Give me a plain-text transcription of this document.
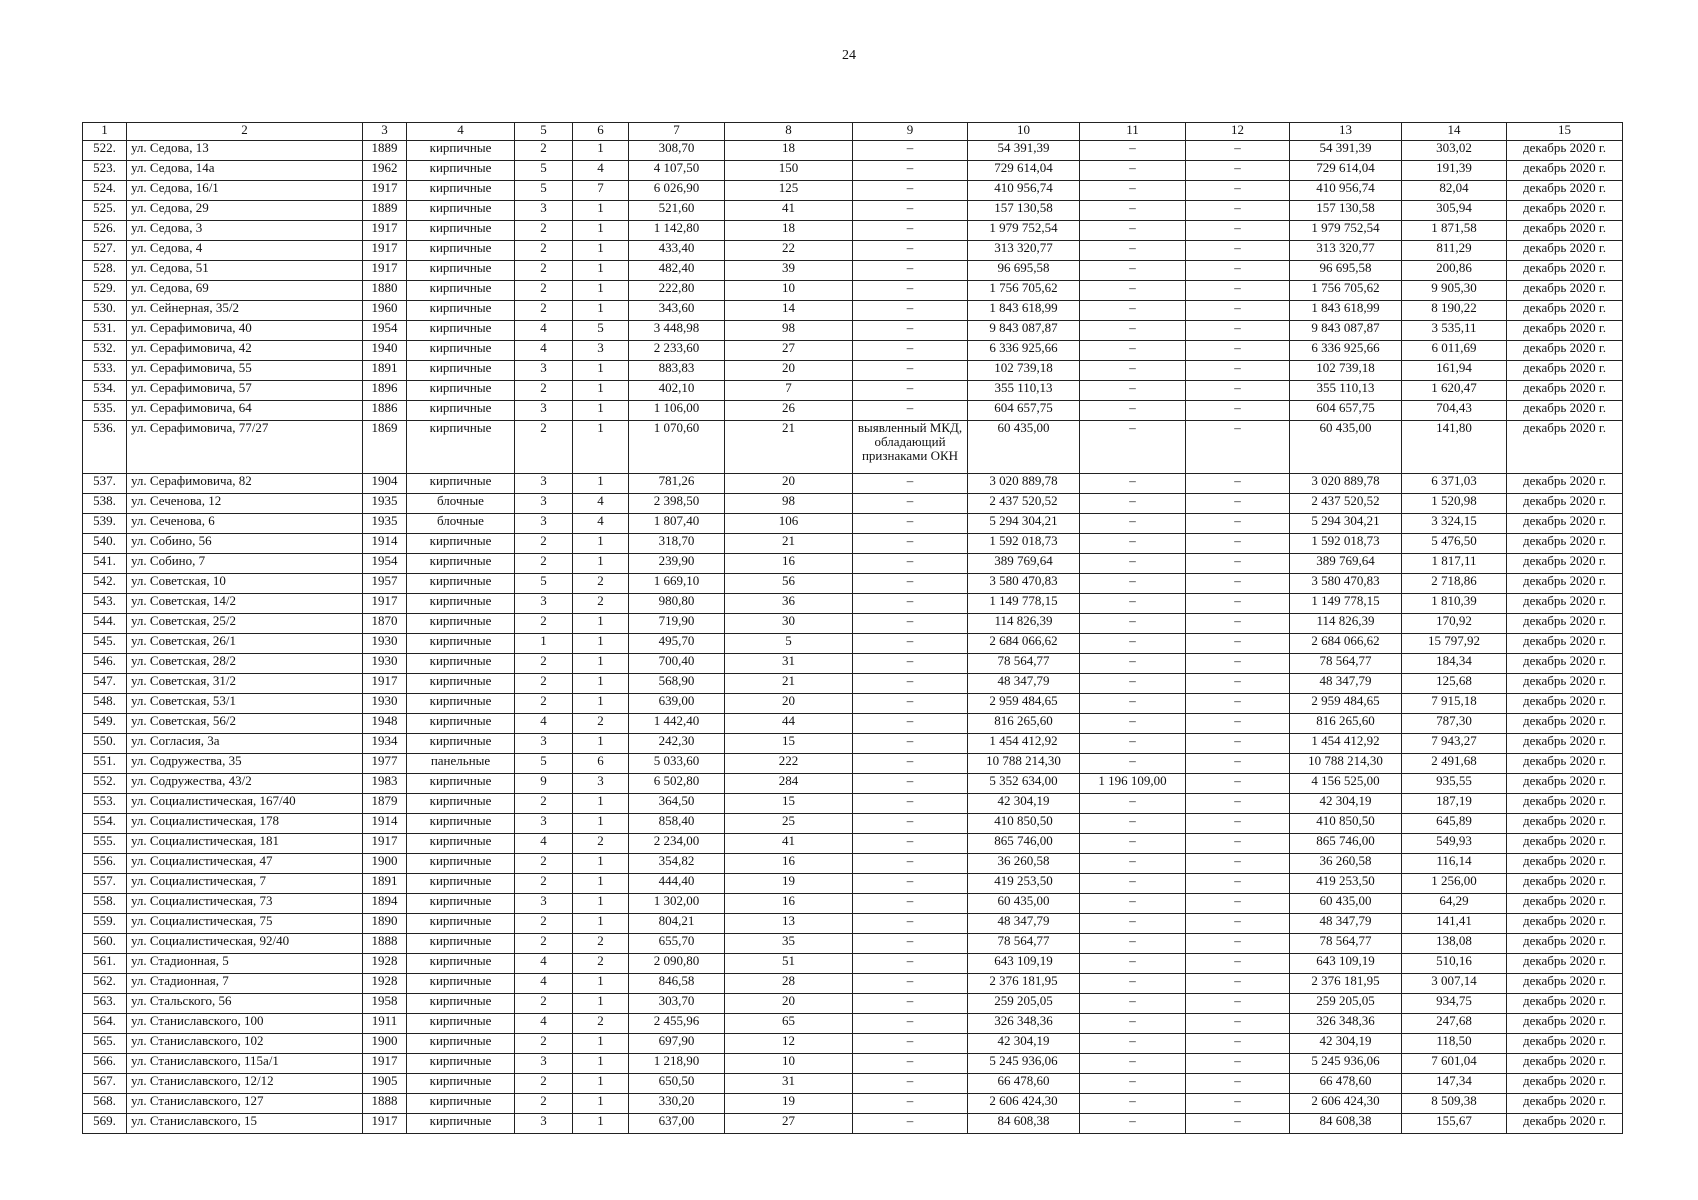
24
1	2	3	4	5	6	7	8	9	10	11	12	13	14	15
522.	ул. Седова, 13	1889	кирпичные	2	1	308,70	18	–	54 391,39	–	–	54 391,39	303,02	декабрь 2020 г.
523.	ул. Седова, 14а	1962	кирпичные	5	4	4 107,50	150	–	729 614,04	–	–	729 614,04	191,39	декабрь 2020 г.
524.	ул. Седова, 16/1	1917	кирпичные	5	7	6 026,90	125	–	410 956,74	–	–	410 956,74	82,04	декабрь 2020 г.
525.	ул. Седова, 29	1889	кирпичные	3	1	521,60	41	–	157 130,58	–	–	157 130,58	305,94	декабрь 2020 г.
526.	ул. Седова, 3	1917	кирпичные	2	1	1 142,80	18	–	1 979 752,54	–	–	1 979 752,54	1 871,58	декабрь 2020 г.
527.	ул. Седова, 4	1917	кирпичные	2	1	433,40	22	–	313 320,77	–	–	313 320,77	811,29	декабрь 2020 г.
528.	ул. Седова, 51	1917	кирпичные	2	1	482,40	39	–	96 695,58	–	–	96 695,58	200,86	декабрь 2020 г.
529.	ул. Седова, 69	1880	кирпичные	2	1	222,80	10	–	1 756 705,62	–	–	1 756 705,62	9 905,30	декабрь 2020 г.
530.	ул. Сейнерная, 35/2	1960	кирпичные	2	1	343,60	14	–	1 843 618,99	–	–	1 843 618,99	8 190,22	декабрь 2020 г.
531.	ул. Серафимовича, 40	1954	кирпичные	4	5	3 448,98	98	–	9 843 087,87	–	–	9 843 087,87	3 535,11	декабрь 2020 г.
532.	ул. Серафимовича, 42	1940	кирпичные	4	3	2 233,60	27	–	6 336 925,66	–	–	6 336 925,66	6 011,69	декабрь 2020 г.
533.	ул. Серафимовича, 55	1891	кирпичные	3	1	883,83	20	–	102 739,18	–	–	102 739,18	161,94	декабрь 2020 г.
534.	ул. Серафимовича, 57	1896	кирпичные	2	1	402,10	7	–	355 110,13	–	–	355 110,13	1 620,47	декабрь 2020 г.
535.	ул. Серафимовича, 64	1886	кирпичные	3	1	1 106,00	26	–	604 657,75	–	–	604 657,75	704,43	декабрь 2020 г.
536.	ул. Серафимовича, 77/27	1869	кирпичные	2	1	1 070,60	21	выявленный МКД, обладающий признаками ОКН	60 435,00	–	–	60 435,00	141,80	декабрь 2020 г.
537.	ул. Серафимовича, 82	1904	кирпичные	3	1	781,26	20	–	3 020 889,78	–	–	3 020 889,78	6 371,03	декабрь 2020 г.
538.	ул. Сеченова, 12	1935	блочные	3	4	2 398,50	98	–	2 437 520,52	–	–	2 437 520,52	1 520,98	декабрь 2020 г.
539.	ул. Сеченова, 6	1935	блочные	3	4	1 807,40	106	–	5 294 304,21	–	–	5 294 304,21	3 324,15	декабрь 2020 г.
540.	ул. Собино, 56	1914	кирпичные	2	1	318,70	21	–	1 592 018,73	–	–	1 592 018,73	5 476,50	декабрь 2020 г.
541.	ул. Собино, 7	1954	кирпичные	2	1	239,90	16	–	389 769,64	–	–	389 769,64	1 817,11	декабрь 2020 г.
542.	ул. Советская, 10	1957	кирпичные	5	2	1 669,10	56	–	3 580 470,83	–	–	3 580 470,83	2 718,86	декабрь 2020 г.
543.	ул. Советская, 14/2	1917	кирпичные	3	2	980,80	36	–	1 149 778,15	–	–	1 149 778,15	1 810,39	декабрь 2020 г.
544.	ул. Советская, 25/2	1870	кирпичные	2	1	719,90	30	–	114 826,39	–	–	114 826,39	170,92	декабрь 2020 г.
545.	ул. Советская, 26/1	1930	кирпичные	1	1	495,70	5	–	2 684 066,62	–	–	2 684 066,62	15 797,92	декабрь 2020 г.
546.	ул. Советская, 28/2	1930	кирпичные	2	1	700,40	31	–	78 564,77	–	–	78 564,77	184,34	декабрь 2020 г.
547.	ул. Советская, 31/2	1917	кирпичные	2	1	568,90	21	–	48 347,79	–	–	48 347,79	125,68	декабрь 2020 г.
548.	ул. Советская, 53/1	1930	кирпичные	2	1	639,00	20	–	2 959 484,65	–	–	2 959 484,65	7 915,18	декабрь 2020 г.
549.	ул. Советская, 56/2	1948	кирпичные	4	2	1 442,40	44	–	816 265,60	–	–	816 265,60	787,30	декабрь 2020 г.
550.	ул. Согласия, 3а	1934	кирпичные	3	1	242,30	15	–	1 454 412,92	–	–	1 454 412,92	7 943,27	декабрь 2020 г.
551.	ул. Содружества, 35	1977	панельные	5	6	5 033,60	222	–	10 788 214,30	–	–	10 788 214,30	2 491,68	декабрь 2020 г.
552.	ул. Содружества, 43/2	1983	кирпичные	9	3	6 502,80	284	–	5 352 634,00	1 196 109,00	–	4 156 525,00	935,55	декабрь 2020 г.
553.	ул. Социалистическая, 167/40	1879	кирпичные	2	1	364,50	15	–	42 304,19	–	–	42 304,19	187,19	декабрь 2020 г.
554.	ул. Социалистическая, 178	1914	кирпичные	3	1	858,40	25	–	410 850,50	–	–	410 850,50	645,89	декабрь 2020 г.
555.	ул. Социалистическая, 181	1917	кирпичные	4	2	2 234,00	41	–	865 746,00	–	–	865 746,00	549,93	декабрь 2020 г.
556.	ул. Социалистическая, 47	1900	кирпичные	2	1	354,82	16	–	36 260,58	–	–	36 260,58	116,14	декабрь 2020 г.
557.	ул. Социалистическая, 7	1891	кирпичные	2	1	444,40	19	–	419 253,50	–	–	419 253,50	1 256,00	декабрь 2020 г.
558.	ул. Социалистическая, 73	1894	кирпичные	3	1	1 302,00	16	–	60 435,00	–	–	60 435,00	64,29	декабрь 2020 г.
559.	ул. Социалистическая, 75	1890	кирпичные	2	1	804,21	13	–	48 347,79	–	–	48 347,79	141,41	декабрь 2020 г.
560.	ул. Социалистическая, 92/40	1888	кирпичные	2	2	655,70	35	–	78 564,77	–	–	78 564,77	138,08	декабрь 2020 г.
561.	ул. Стадионная, 5	1928	кирпичные	4	2	2 090,80	51	–	643 109,19	–	–	643 109,19	510,16	декабрь 2020 г.
562.	ул. Стадионная, 7	1928	кирпичные	4	1	846,58	28	–	2 376 181,95	–	–	2 376 181,95	3 007,14	декабрь 2020 г.
563.	ул. Стальского, 56	1958	кирпичные	2	1	303,70	20	–	259 205,05	–	–	259 205,05	934,75	декабрь 2020 г.
564.	ул. Станиславского, 100	1911	кирпичные	4	2	2 455,96	65	–	326 348,36	–	–	326 348,36	247,68	декабрь 2020 г.
565.	ул. Станиславского, 102	1900	кирпичные	2	1	697,90	12	–	42 304,19	–	–	42 304,19	118,50	декабрь 2020 г.
566.	ул. Станиславского, 115а/1	1917	кирпичные	3	1	1 218,90	10	–	5 245 936,06	–	–	5 245 936,06	7 601,04	декабрь 2020 г.
567.	ул. Станиславского, 12/12	1905	кирпичные	2	1	650,50	31	–	66 478,60	–	–	66 478,60	147,34	декабрь 2020 г.
568.	ул. Станиславского, 127	1888	кирпичные	2	1	330,20	19	–	2 606 424,30	–	–	2 606 424,30	8 509,38	декабрь 2020 г.
569.	ул. Станиславского, 15	1917	кирпичные	3	1	637,00	27	–	84 608,38	–	–	84 608,38	155,67	декабрь 2020 г.
